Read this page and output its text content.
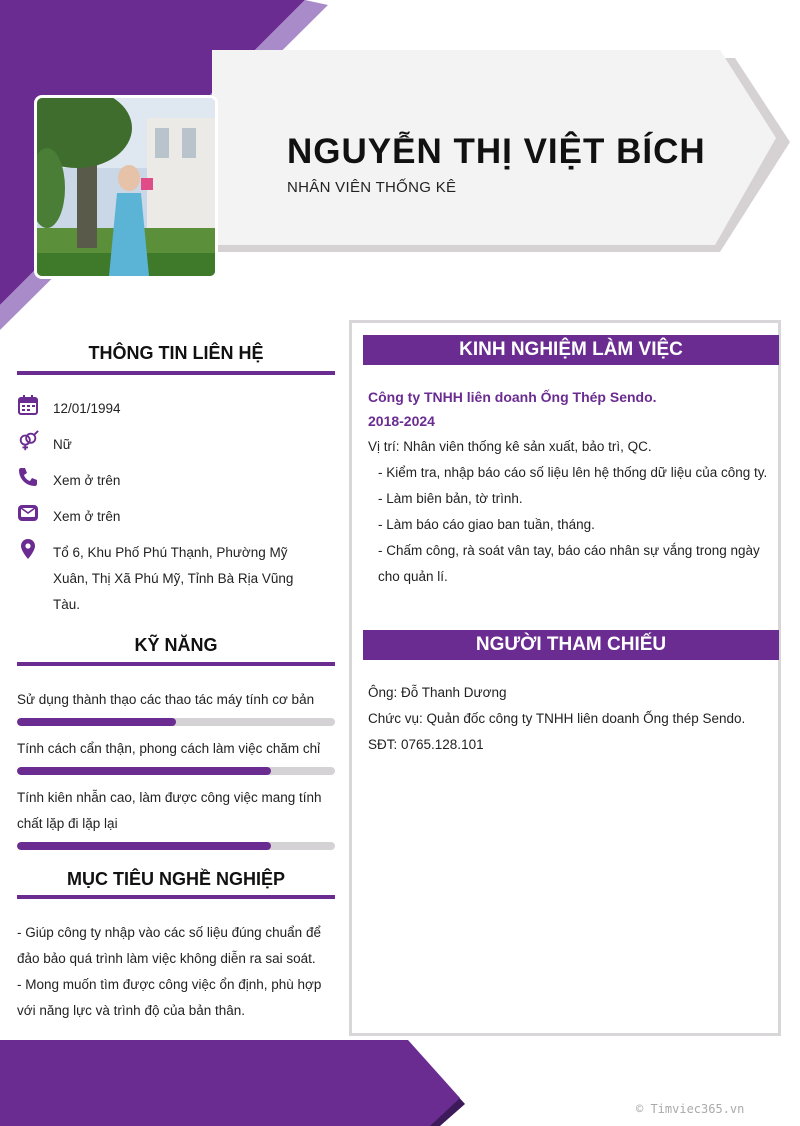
NGUYỄN THỊ VIỆT BÍCH
NHÂN VIÊN THỐNG KÊ
THÔNG TIN LIÊN HỆ
12/01/1994
Nữ
Xem ở trên
Xem ở trên
Tổ 6, Khu Phố Phú Thạnh, Phường Mỹ Xuân, Thị Xã Phú Mỹ, Tỉnh Bà Rịa Vũng Tàu.
KỸ NĂNG
Sử dụng thành thạo các thao tác máy tính cơ bản
Tính cách cẩn thận, phong cách làm việc chăm chỉ
Tính kiên nhẫn cao, làm được công việc mang tính chất lặp đi lặp lại
MỤC TIÊU NGHỀ NGHIỆP

- Giúp công ty nhập vào các số liệu đúng chuẩn để đảo bảo quá trình làm việc không diễn ra sai soát.

- Mong muốn tìm được công việc ổn định, phù hợp với năng lực và trình độ của bản thân.

KINH NGHIỆM LÀM VIỆC
Công ty TNHH liên doanh Ống Thép Sendo.
2018-2024

Vị trí: Nhân viên thống kê sản xuất, bảo trì, QC.

- Kiểm tra, nhập báo cáo số liệu lên hệ thống dữ liệu của công ty.

- Làm biên bản, tờ trình.

- Làm báo cáo giao ban tuần, tháng.

- Chấm công, rà soát vân tay, báo cáo nhân sự vắng trong ngày cho quản lí.

NGƯỜI THAM CHIẾU

Ông: Đỗ Thanh Dương

Chức vụ: Quản đốc công ty TNHH liên doanh Ống thép Sendo.

SĐT: 0765.128.101

© Timviec365.vn
